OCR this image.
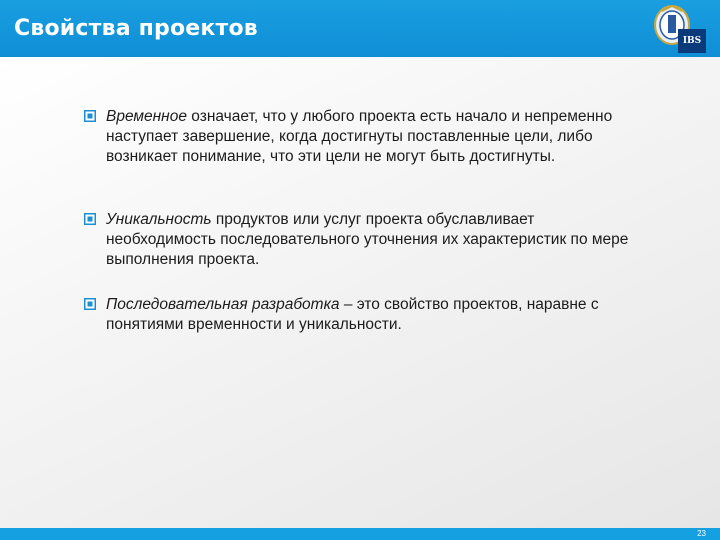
Свойства проектов	IBS
Временное означает, что у любого проекта есть начало и непременно наступает завершение, когда достигнуты поставленные цели, либо возникает понимание, что эти цели не могут быть достигнуты.
Уникальность продуктов или услуг проекта обуславливает необходимость последовательного уточнения их характеристик по мере выполнения проекта.
Последовательная разработка – это свойство проектов, наравне с понятиями временности и уникальности.
23
